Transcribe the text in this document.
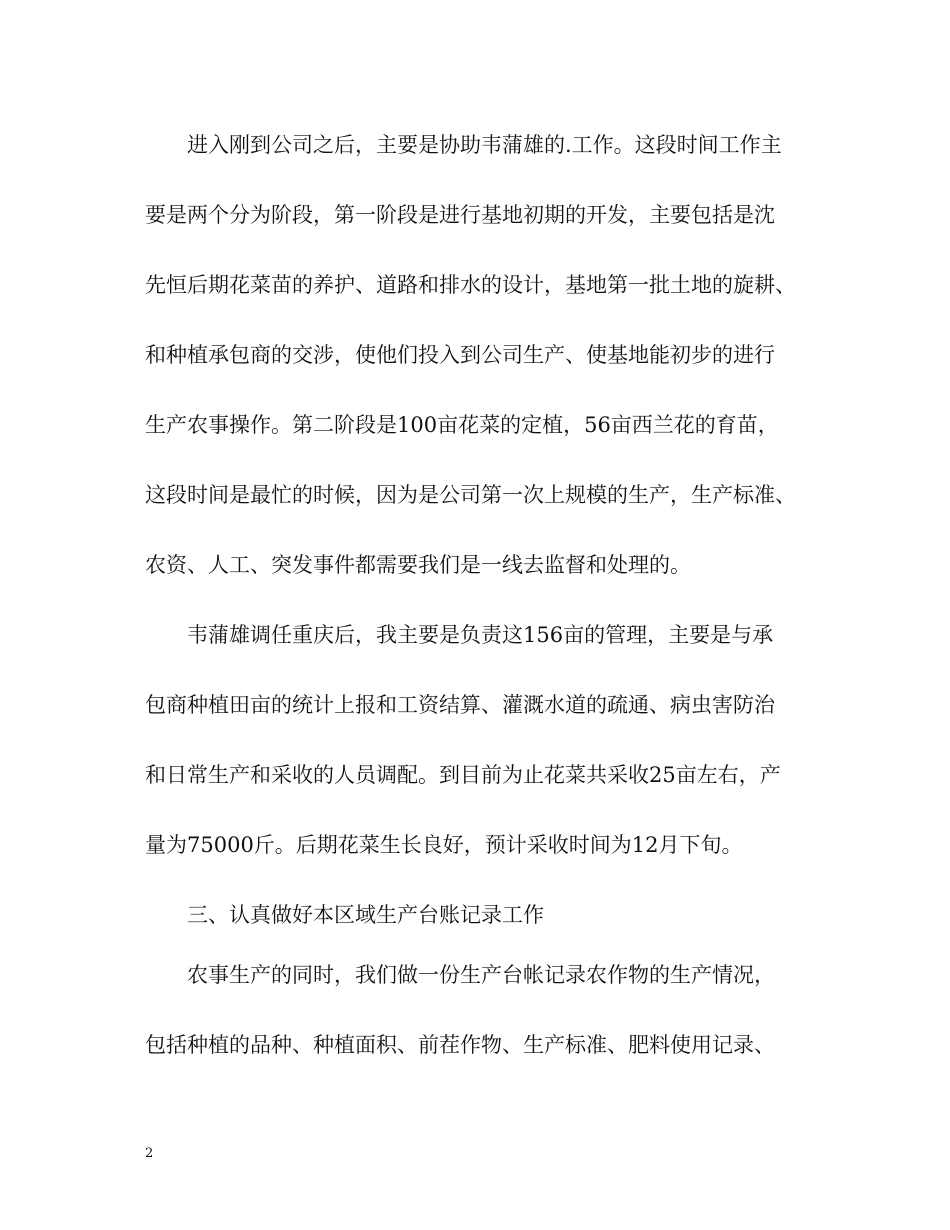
进入刚到公司之后，主要是协助韦蒲雄的.工作。这段时间工作主
要是两个分为阶段，第一阶段是进行基地初期的开发，主要包括是沈
先恒后期花菜苗的养护、道路和排水的设计，基地第一批土地的旋耕、
和种植承包商的交涉，使他们投入到公司生产、使基地能初步的进行
生产农事操作。第二阶段是100亩花菜的定植，56亩西兰花的育苗，
这段时间是最忙的时候，因为是公司第一次上规模的生产，生产标准、
农资、人工、突发事件都需要我们是一线去监督和处理的。
韦蒲雄调任重庆后，我主要是负责这156亩的管理，主要是与承
包商种植田亩的统计上报和工资结算、灌溉水道的疏通、病虫害防治
和日常生产和采收的人员调配。到目前为止花菜共采收25亩左右，产
量为75000斤。后期花菜生长良好，预计采收时间为12月下旬。
三、认真做好本区域生产台账记录工作
农事生产的同时，我们做一份生产台帐记录农作物的生产情况，
包括种植的品种、种植面积、前茬作物、生产标准、肥料使用记录、
2
